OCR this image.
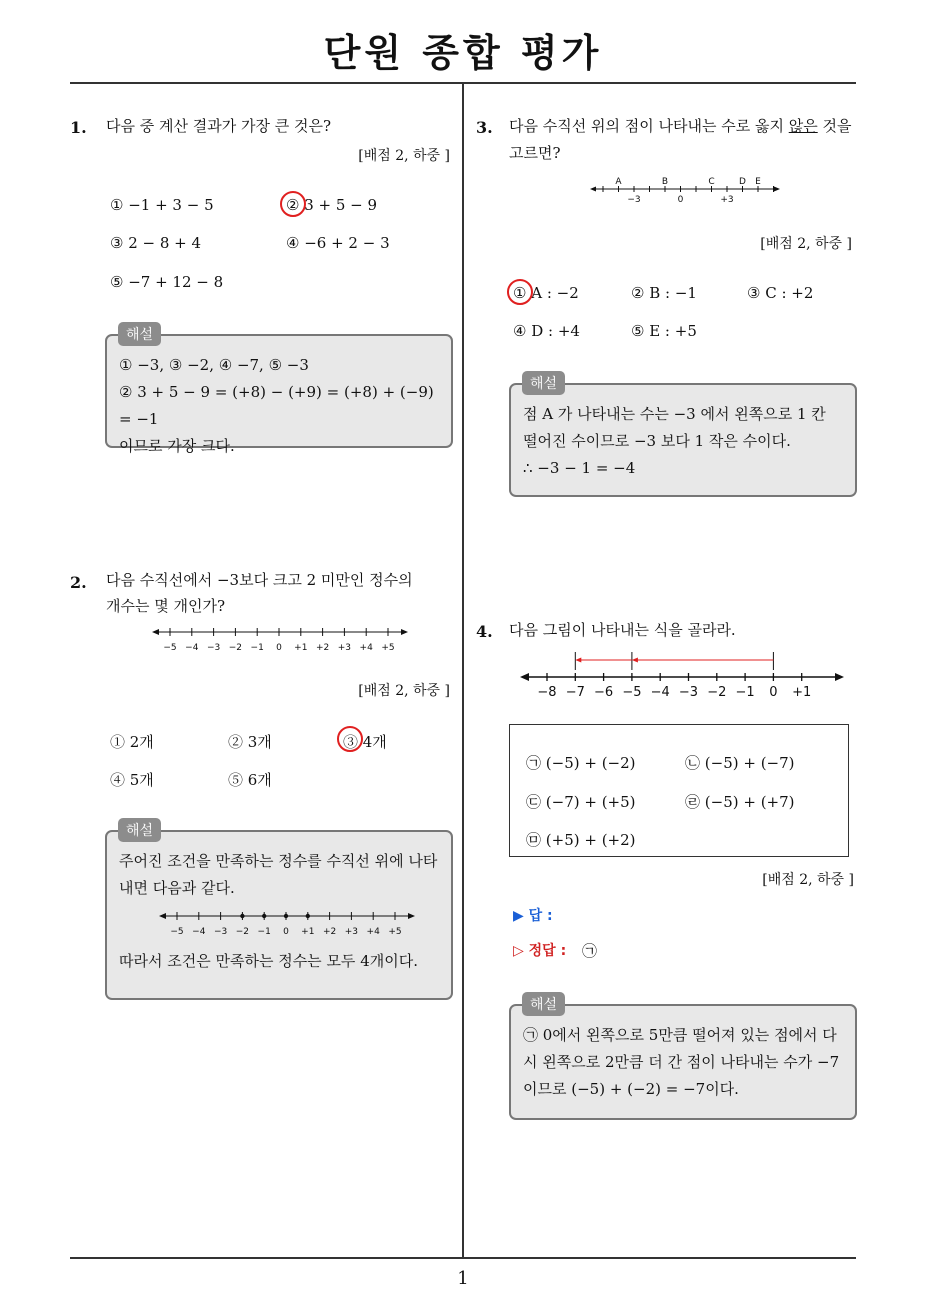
단원 종합 평가
1. 다음 중 계산 결과가 가장 큰 것은?
[배점 2, 하중 ]
① −1 + 3 − 5	② 3 + 5 − 9
③ 2 − 8 + 4	④ −6 + 2 − 3
⑤ −7 + 12 − 8
① −3, ③ −2, ④ −7, ⑤ −3
② 3 + 5 − 9 = (+8) − (+9) = (+8) + (−9) = −1
이므로 가장 크다.
해설
2. 다음 수직선에서 −3보다 크고 2 미만인 정수의
개수는 몇 개인가?
−5 −4 −3 −2 −1 0 +1 +2 +3 +4 +5
[배점 2, 하중 ]
① 2개	② 3개	③ 4개
④ 5개	⑤ 6개
주어진 조건을 만족하는 정수를 수직선 위에 나타
내면 다음과 같다.
−5 −4 −3 −2 −1 0 +1 +2 +3 +4 +5
따라서 조건은 만족하는 정수는 모두 4개이다.
해설
3. 다음 수직선 위의 점이 나타내는 수로 옳지 않은 것을
고르면?
A	B	C	D E
−3	0	+3
[배점 2, 하중 ]
① A : −2	② B : −1	③ C : +2
④ D : +4	⑤ E : +5
점 A 가 나타내는 수는 −3 에서 왼쪽으로 1 칸
떨어진 수이므로 −3 보다 1 작은 수이다.
∴ −3 − 1 = −4
해설
4. 다음 그림이 나타내는 식을 골라라.
−8 −7 −6 −5 −4 −3 −2 −1 0 +1
㉠ (−5) + (−2)	㉡ (−5) + (−7)
㉢ (−7) + (+5)	㉣ (−5) + (+7)
㉤ (+5) + (+2)
[배점 2, 하중 ]
▶ 답 :
▷ 정답 : ㉠
㉠ 0에서 왼쪽으로 5만큼 떨어져 있는 점에서 다
시 왼쪽으로 2만큼 더 간 점이 나타내는 수가 −7
이므로 (−5) + (−2) = −7이다.
해설
1
